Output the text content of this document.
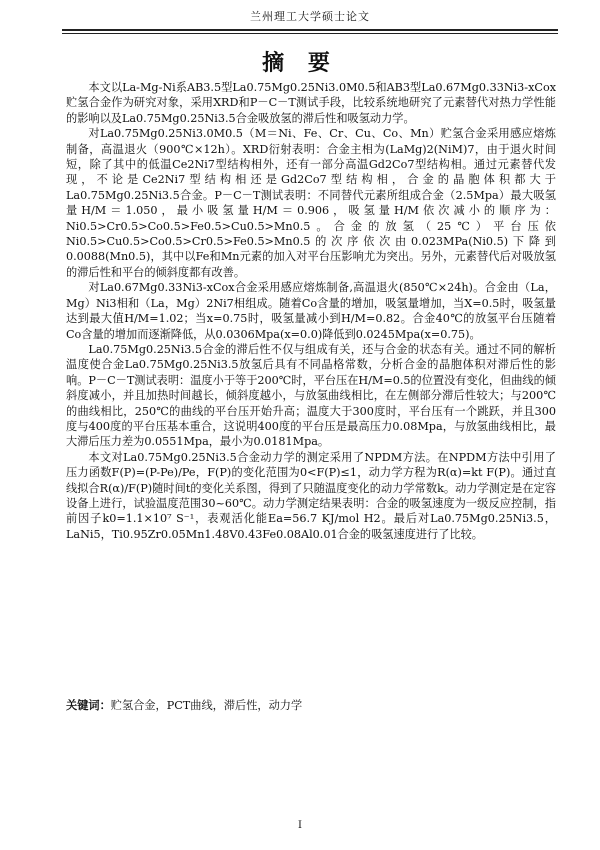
兰州理工大学硕士论文
摘 要

本文以La-Mg-Ni系AB3.5型La0.75Mg0.25Ni3.0M0.5和AB3型La0.67Mg0.33Ni3-xCox贮氢合金作为研究对象，采用XRD和P－C－T测试手段，比较系统地研究了元素替代对热力学性能的影响以及La0.75Mg0.25Ni3.5合金吸放氢的滞后性和吸氢动力学。

对La0.75Mg0.25Ni3.0M0.5（M＝Ni、Fe、Cr、Cu、Co、Mn）贮氢合金采用感应熔炼制备，高温退火（900℃×12h）。XRD衍射表明：合金主相为(LaMg)2(NiM)7，由于退火时间短，除了其中的低温Ce2Ni7型结构相外，还有一部分高温Gd2Co7型结构相。通过元素替代发现，不论是Ce2Ni7型结构相还是Gd2Co7型结构相，合金的晶胞体积都大于La0.75Mg0.25Ni3.5合金。P－C－T测试表明：不同替代元素所组成合金（2.5Mpa）最大吸氢量H/M＝1.050，最小吸氢量H/M＝0.906，吸氢量H/M依次减小的顺序为：Ni0.5>Cr0.5>Co0.5>Fe0.5>Cu0.5>Mn0.5。合金的放氢（25℃）平台压依Ni0.5>Cu0.5>Co0.5>Cr0.5>Fe0.5>Mn0.5的次序依次由0.023MPa(Ni0.5)下降到0.0088(Mn0.5)，其中以Fe和Mn元素的加入对平台压影响尤为突出。另外，元素替代后对吸放氢的滞后性和平台的倾斜度都有改善。

对La0.67Mg0.33Ni3-xCox合金采用感应熔炼制备,高温退火(850℃×24h)。合金由（La，Mg）Ni3相和（La，Mg）2Ni7相组成。随着Co含量的增加，吸氢量增加，当X=0.5时，吸氢量达到最大值H/M=1.02；当x=0.75时，吸氢量减小到H/M=0.82。合金40℃的放氢平台压随着Co含量的增加而逐渐降低，从0.0306Mpa(x=0.0)降低到0.0245Mpa(x=0.75)。

La0.75Mg0.25Ni3.5合金的滞后性不仅与组成有关，还与合金的状态有关。通过不同的解析温度使合金La0.75Mg0.25Ni3.5放氢后具有不同晶格常数，分析合金的晶胞体积对滞后性的影响。P－C－T测试表明：温度小于等于200℃时，平台压在H/M=0.5的位置没有变化，但曲线的倾斜度减小，并且加热时间越长，倾斜度越小，与放氢曲线相比，在左侧部分滞后性较大；与200℃的曲线相比，250℃的曲线的平台压开始升高；温度大于300度时，平台压有一个跳跃，并且300度与400度的平台压基本重合，这说明400度的平台压是最高压力0.08Mpa，与放氢曲线相比，最大滞后压力差为0.0551Mpa，最小为0.0181Mpa。

本文对La0.75Mg0.25Ni3.5合金动力学的测定采用了NPDM方法。在NPDM方法中引用了压力函数F(P)=(P-Pe)/Pe，F(P)的变化范围为0<F(P)≤1，动力学方程为R(α)=kt F(P)。通过直线拟合R(α)/F(P)随时间t的变化关系图，得到了只随温度变化的动力学常数k。动力学测定是在定容设备上进行，试验温度范围30~60℃。动力学测定结果表明：合金的吸氢速度为一级反应控制，指前因子k0=1.1×10⁷ S⁻¹，表观活化能Ea=56.7 KJ/mol H2。最后对La0.75Mg0.25Ni3.5，LaNi5，Ti0.95Zr0.05Mn1.48V0.43Fe0.08Al0.01合金的吸氢速度进行了比较。

关键词：贮氢合金，PCT曲线，滞后性，动力学
I
